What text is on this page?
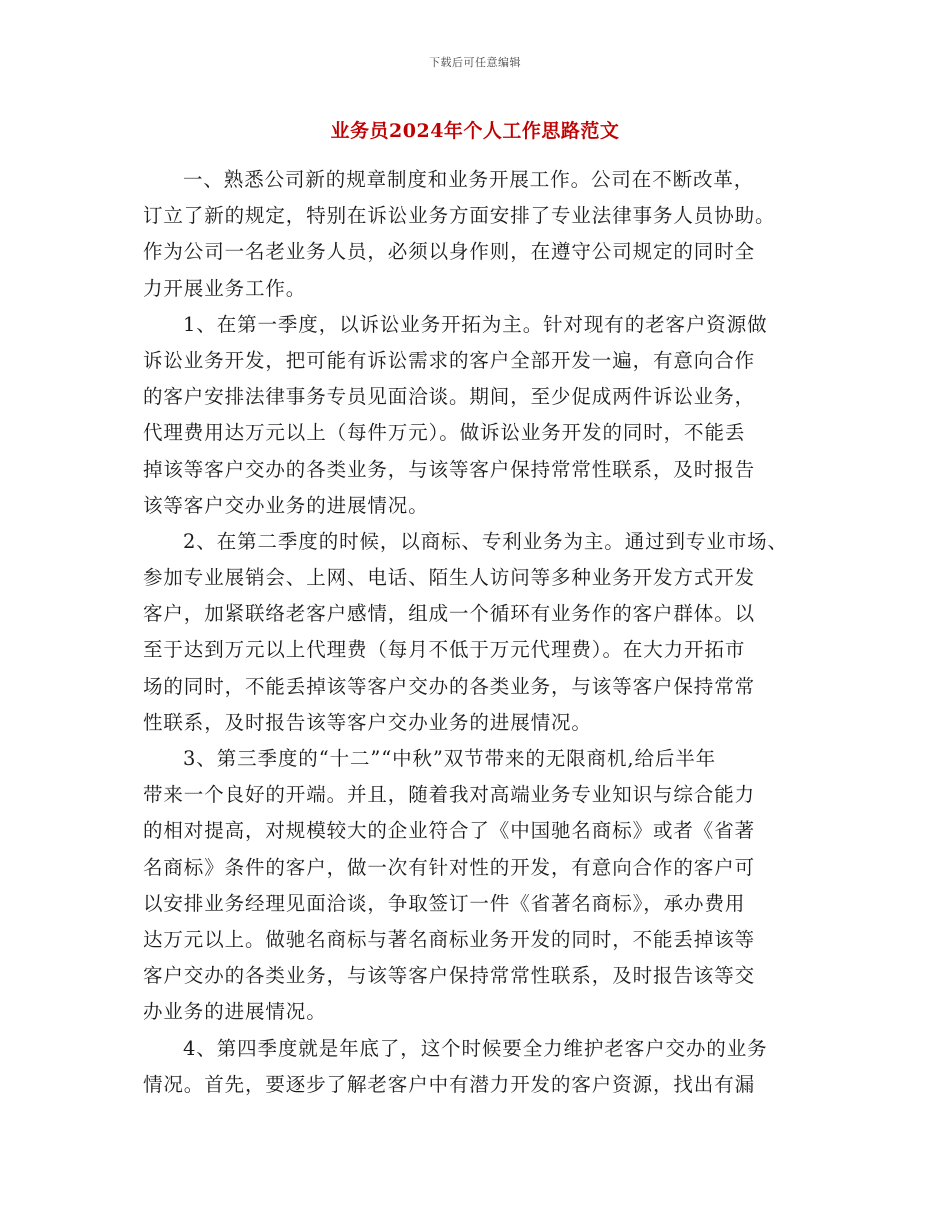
下载后可任意编辑
业务员2024年个人工作思路范文
一、熟悉公司新的规章制度和业务开展工作。公司在不断改革，
订立了新的规定，特别在诉讼业务方面安排了专业法律事务人员协助。
作为公司一名老业务人员，必须以身作则，在遵守公司规定的同时全
力开展业务工作。
1、在第一季度，以诉讼业务开拓为主。针对现有的老客户资源做
诉讼业务开发，把可能有诉讼需求的客户全部开发一遍，有意向合作
的客户安排法律事务专员见面洽谈。期间，至少促成两件诉讼业务，
代理费用达万元以上（每件万元）。做诉讼业务开发的同时，不能丢
掉该等客户交办的各类业务，与该等客户保持常常性联系，及时报告
该等客户交办业务的进展情况。
2、在第二季度的时候，以商标、专利业务为主。通过到专业市场、
参加专业展销会、上网、电话、陌生人访问等多种业务开发方式开发
客户，加紧联络老客户感情，组成一个循环有业务作的客户群体。以
至于达到万元以上代理费（每月不低于万元代理费）。在大力开拓市
场的同时，不能丢掉该等客户交办的各类业务，与该等客户保持常常
性联系，及时报告该等客户交办业务的进展情况。
3、第三季度的“十二”“中秋”双节带来的无限商机,给后半年
带来一个良好的开端。并且，随着我对高端业务专业知识与综合能力
的相对提高，对规模较大的企业符合了《中国驰名商标》或者《省著
名商标》条件的客户，做一次有针对性的开发，有意向合作的客户可
以安排业务经理见面洽谈，争取签订一件《省著名商标》，承办费用
达万元以上。做驰名商标与著名商标业务开发的同时，不能丢掉该等
客户交办的各类业务，与该等客户保持常常性联系，及时报告该等交
办业务的进展情况。
4、第四季度就是年底了，这个时候要全力维护老客户交办的业务
情况。首先，要逐步了解老客户中有潜力开发的客户资源，找出有漏
